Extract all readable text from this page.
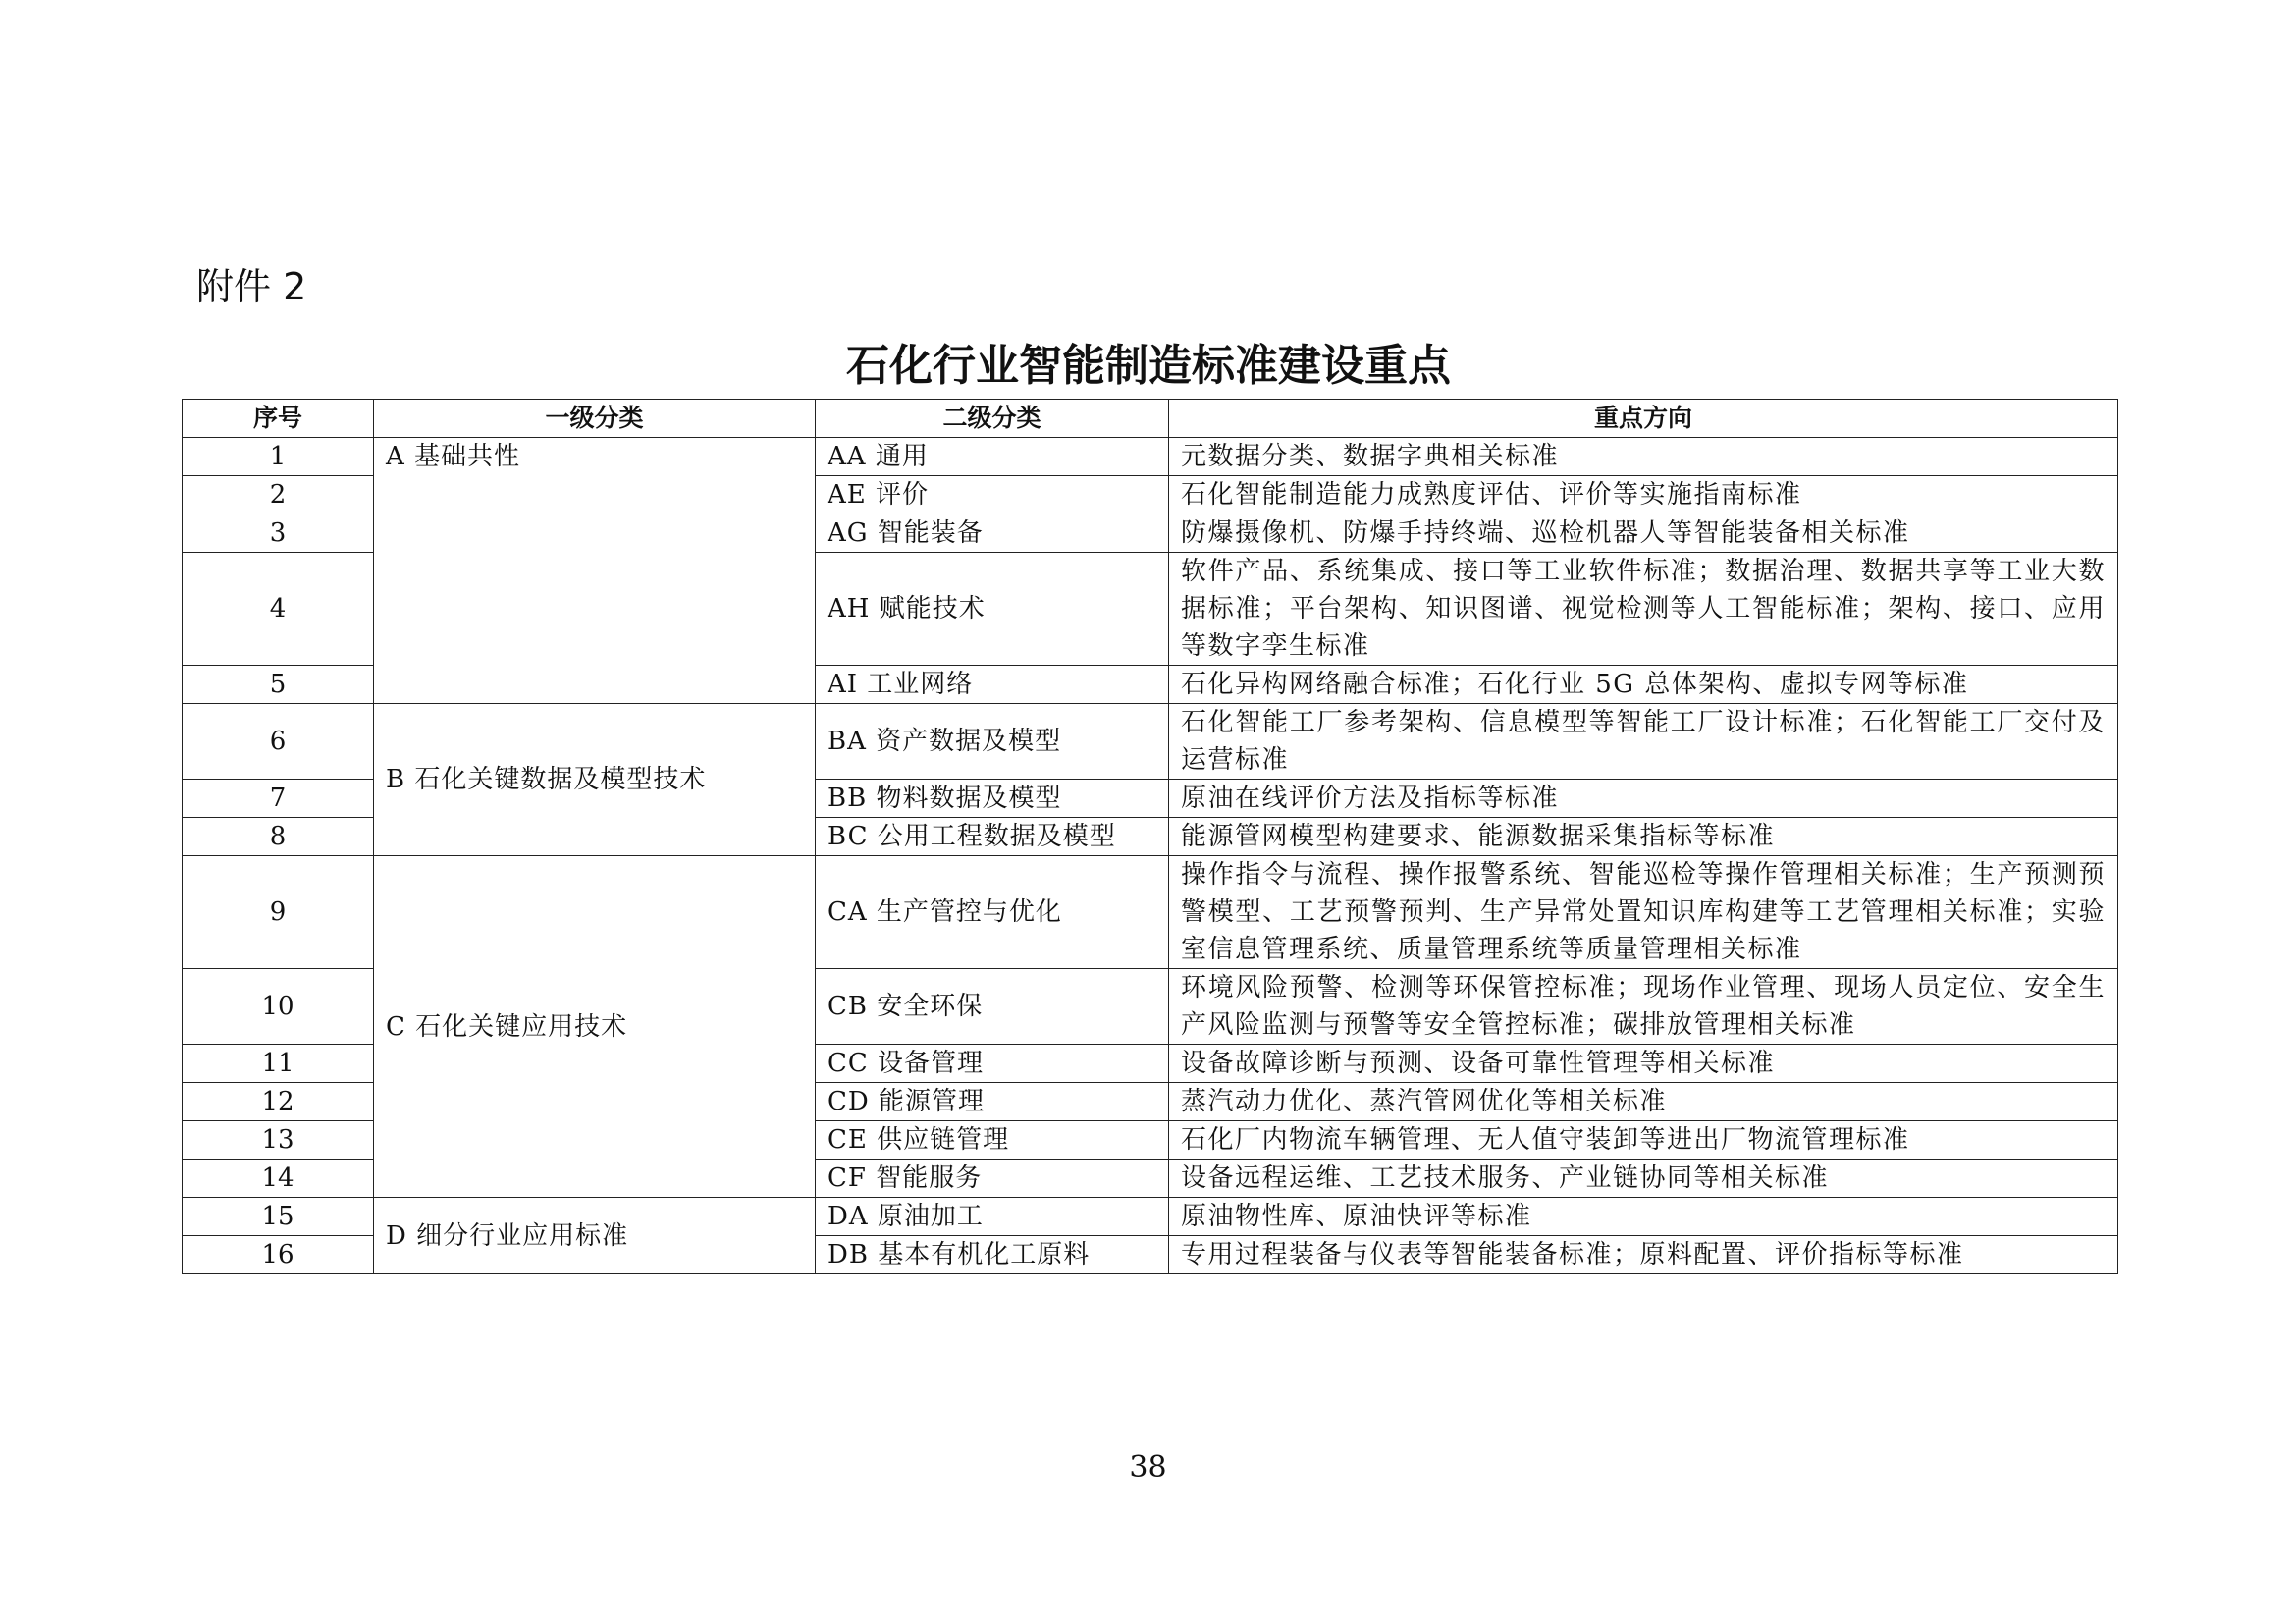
附件 2
石化行业智能制造标准建设重点
序号	一级分类	二级分类	重点方向
1	A 基础共性	AA 通用	元数据分类、数据字典相关标准
2		AE 评价	石化智能制造能力成熟度评估、评价等实施指南标准
3		AG 智能装备	防爆摄像机、防爆手持终端、巡检机器人等智能装备相关标准
4		AH 赋能技术	软件产品、系统集成、接口等工业软件标准；数据治理、数据共享等工业大数据标准；平台架构、知识图谱、视觉检测等人工智能标准；架构、接口、应用等数字孪生标准
5		AI 工业网络	石化异构网络融合标准；石化行业 5G 总体架构、虚拟专网等标准
6	B 石化关键数据及模型技术	BA 资产数据及模型	石化智能工厂参考架构、信息模型等智能工厂设计标准；石化智能工厂交付及运营标准
7		BB 物料数据及模型	原油在线评价方法及指标等标准
8		BC 公用工程数据及模型	能源管网模型构建要求、能源数据采集指标等标准
9	C 石化关键应用技术	CA 生产管控与优化	操作指令与流程、操作报警系统、智能巡检等操作管理相关标准；生产预测预警模型、工艺预警预判、生产异常处置知识库构建等工艺管理相关标准；实验室信息管理系统、质量管理系统等质量管理相关标准
10		CB 安全环保	环境风险预警、检测等环保管控标准；现场作业管理、现场人员定位、安全生产风险监测与预警等安全管控标准；碳排放管理相关标准
11		CC 设备管理	设备故障诊断与预测、设备可靠性管理等相关标准
12		CD 能源管理	蒸汽动力优化、蒸汽管网优化等相关标准
13		CE 供应链管理	石化厂内物流车辆管理、无人值守装卸等进出厂物流管理标准
14		CF 智能服务	设备远程运维、工艺技术服务、产业链协同等相关标准
15	D 细分行业应用标准	DA 原油加工	原油物性库、原油快评等标准
16		DB 基本有机化工原料	专用过程装备与仪表等智能装备标准；原料配置、评价指标等标准
38
